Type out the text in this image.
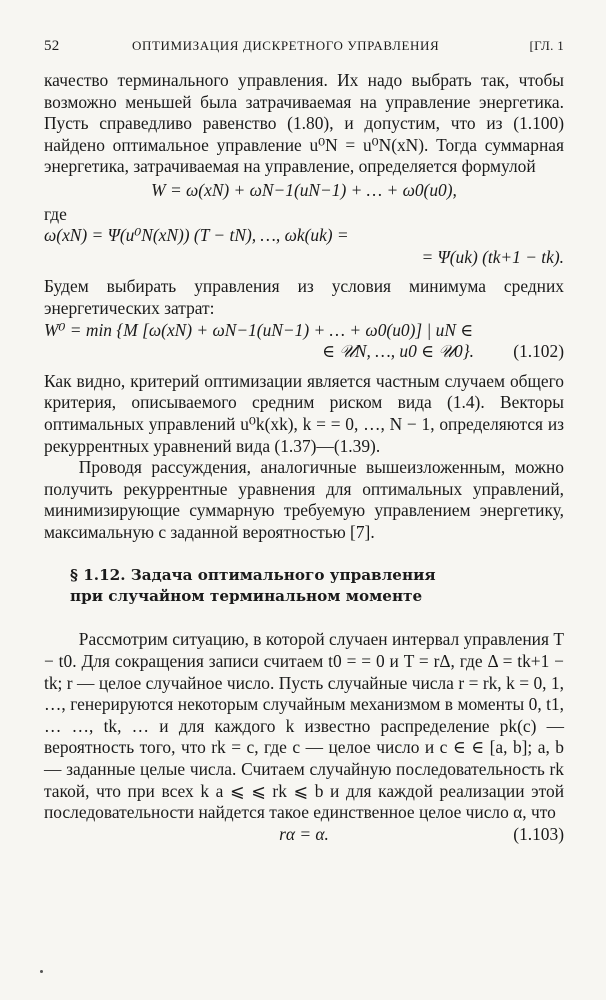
52	ОПТИМИЗАЦИЯ ДИСКРЕТНОГО УПРАВЛЕНИЯ	[ГЛ. 1

качество терминального управления. Их надо выбрать так, чтобы возможно меньшей была затрачиваемая на управление энергетика. Пусть справедливо равенство (1.80), и допустим, что из (1.100) найдено оптимальное управление u⁰N = u⁰N(xN). Тогда суммарная энергетика, затрачиваемая на управление, определяется формулой

W = ω(xN) + ωN−1(uN−1) + … + ω0(u0),
где
ω(xN) = Ψ(u⁰N(xN)) (T − tN), …, ωk(uk) =
= Ψ(uk) (tk+1 − tk).

Будем выбирать управления из условия минимума средних энергетических затрат:

W⁰ = min {M [ω(xN) + ωN−1(uN−1) + … + ω0(u0)] | uN ∈
∈ 𝒰N, …, u0 ∈ 𝒰0}.	(1.102)

Как видно, критерий оптимизации является частным случаем общего критерия, описываемого средним риском вида (1.4). Векторы оптимальных управлений u⁰k(xk), k = = 0, …, N − 1, определяются из рекуррентных уравнений вида (1.37)—(1.39).

Проводя рассуждения, аналогичные вышеизложенным, можно получить рекуррентные уравнения для оптимальных управлений, минимизирующие суммарную требуемую управлением энергетику, максимальную с заданной вероятностью [7].

§ 1.12. Задача оптимального управления
при случайном терминальном моменте

Рассмотрим ситуацию, в которой случаен интервал управления T − t0. Для сокращения записи считаем t0 = = 0 и T = rΔ, где Δ = tk+1 − tk; r — целое случайное число. Пусть случайные числа r = rk, k = 0, 1, …, генерируются некоторым случайным механизмом в моменты 0, t1, … …, tk, … и для каждого k известно распределение pk(c) — вероятность того, что rk = c, где c — целое число и c ∈ ∈ [a, b]; a, b — заданные целые числа. Считаем случайную последовательность rk такой, что при всех k a ⩽ ⩽ rk ⩽ b и для каждой реализации этой последовательности найдется такое единственное целое число α, что

rα = α.	(1.103)
